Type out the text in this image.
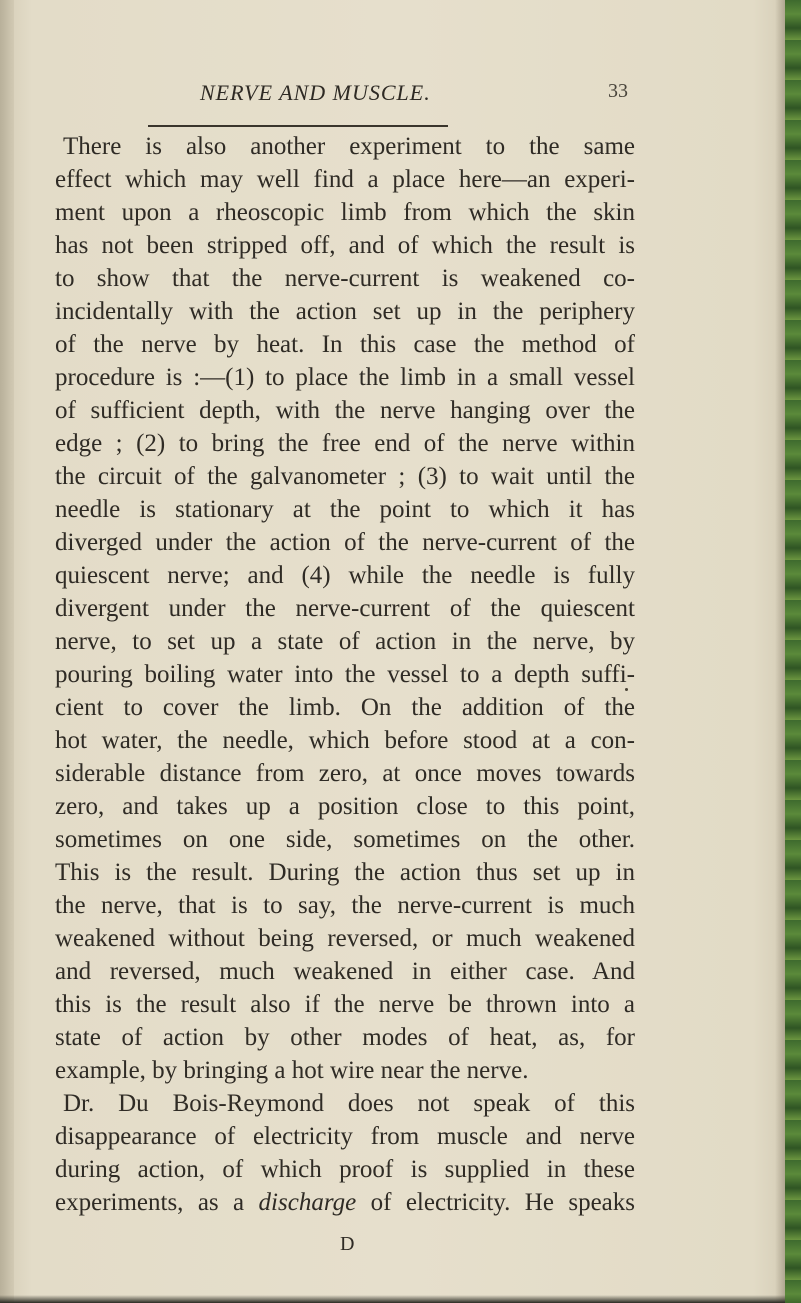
NERVE AND MUSCLE.	33
There is also another experiment to the same
effect which may well find a place here—an experi-
ment upon a rheoscopic limb from which the skin
has not been stripped off, and of which the result is
to show that the nerve-current is weakened co-
incidentally with the action set up in the periphery
of the nerve by heat. In this case the method of
procedure is :—(1) to place the limb in a small vessel
of sufficient depth, with the nerve hanging over the
edge ; (2) to bring the free end of the nerve within
the circuit of the galvanometer ; (3) to wait until the
needle is stationary at the point to which it has
diverged under the action of the nerve-current of the
quiescent nerve; and (4) while the needle is fully
divergent under the nerve-current of the quiescent
nerve, to set up a state of action in the nerve, by
pouring boiling water into the vessel to a depth suffi-
cient to cover the limb. On the addition of the
hot water, the needle, which before stood at a con-
siderable distance from zero, at once moves towards
zero, and takes up a position close to this point,
sometimes on one side, sometimes on the other.
This is the result. During the action thus set up in
the nerve, that is to say, the nerve-current is much
weakened without being reversed, or much weakened
and reversed, much weakened in either case. And
this is the result also if the nerve be thrown into a
state of action by other modes of heat, as, for
example, by bringing a hot wire near the nerve.
Dr. Du Bois-Reymond does not speak of this
disappearance of electricity from muscle and nerve
during action, of which proof is supplied in these
experiments, as a discharge of electricity. He speaks
D
